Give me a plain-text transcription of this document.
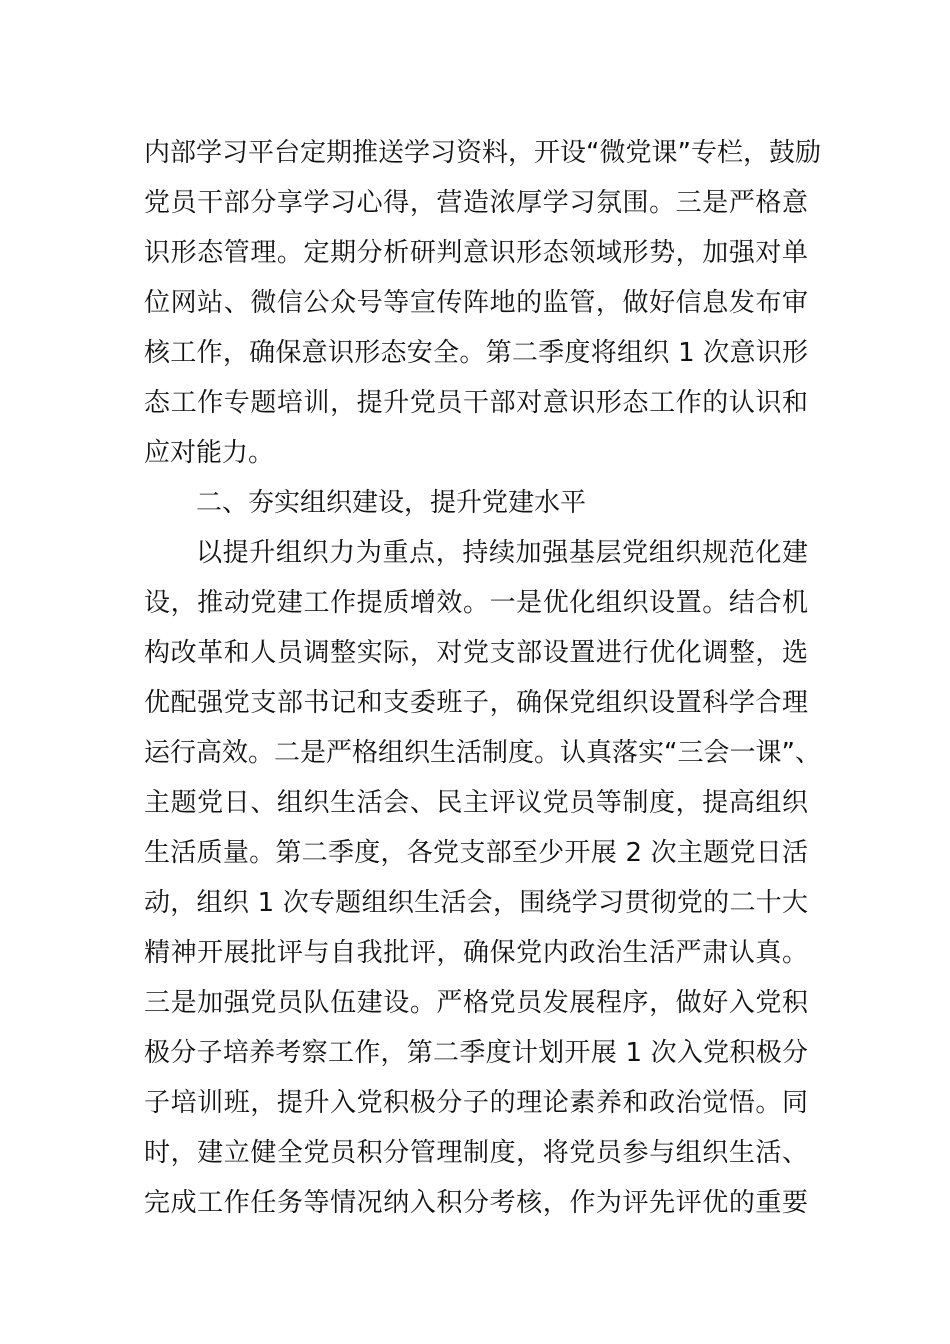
内部学习平台定期推送学习资料，开设“微党课”专栏，鼓励
党员干部分享学习心得，营造浓厚学习氛围。三是严格意
识形态管理。定期分析研判意识形态领域形势，加强对单
位网站、微信公众号等宣传阵地的监管，做好信息发布审
核工作，确保意识形态安全。第二季度将组织 1 次意识形
态工作专题培训，提升党员干部对意识形态工作的认识和
应对能力。
二、夯实组织建设，提升党建水平
以提升组织力为重点，持续加强基层党组织规范化建
设，推动党建工作提质增效。一是优化组织设置。结合机
构改革和人员调整实际，对党支部设置进行优化调整，选
优配强党支部书记和支委班子，确保党组织设置科学合理
运行高效。二是严格组织生活制度。认真落实“三会一课”、
主题党日、组织生活会、民主评议党员等制度，提高组织
生活质量。第二季度，各党支部至少开展 2 次主题党日活
动，组织 1 次专题组织生活会，围绕学习贯彻党的二十大
精神开展批评与自我批评，确保党内政治生活严肃认真。
三是加强党员队伍建设。严格党员发展程序，做好入党积
极分子培养考察工作，第二季度计划开展 1 次入党积极分
子培训班，提升入党积极分子的理论素养和政治觉悟。同
时，建立健全党员积分管理制度，将党员参与组织生活、
完成工作任务等情况纳入积分考核，作为评先评优的重要
